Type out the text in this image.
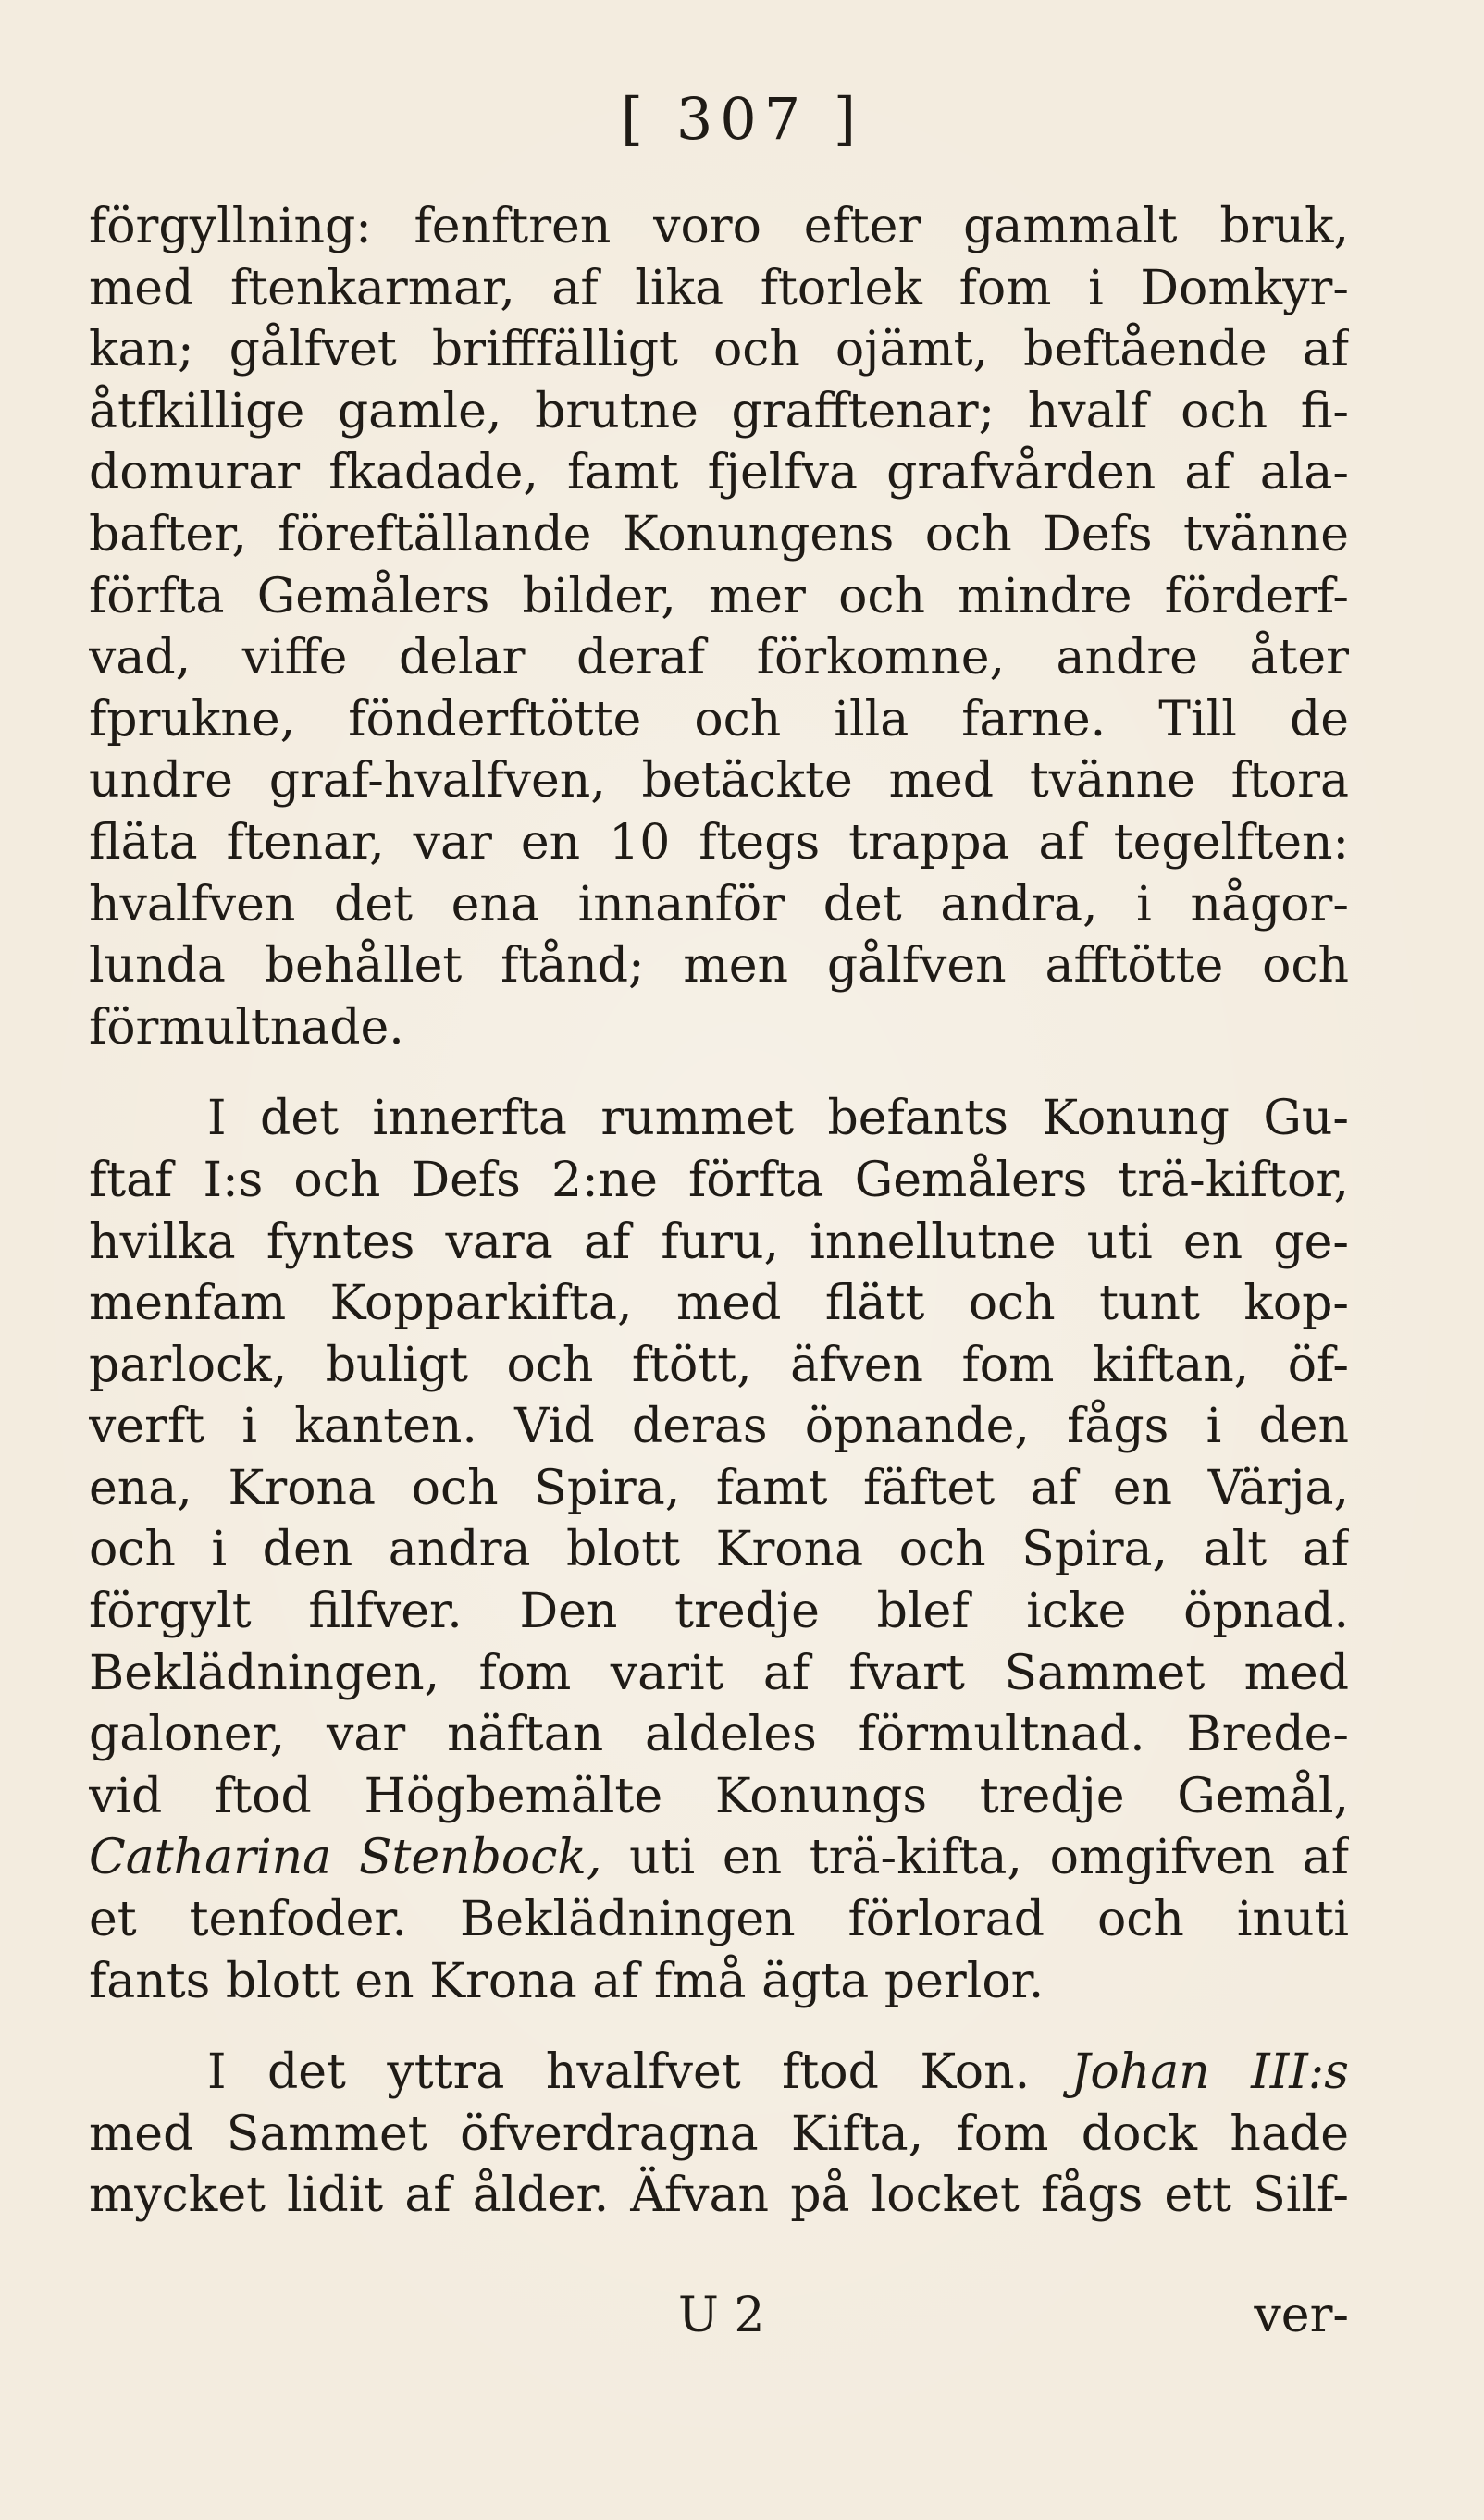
[ 307 ]
förgyllning: fenftren voro efter gammalt bruk,
med ftenkarmar, af lika ftorlek fom i Domkyr-
kan; gålfvet brifffälligt och ojämt, beftående af
åtfkillige gamle, brutne grafftenar; hvalf och fi-
domurar fkadade, famt fjelfva grafvården af ala-
bafter, föreftällande Konungens och Defs tvänne
förfta Gemålers bilder, mer och mindre förderf-
vad, viffe delar deraf förkomne, andre åter
fprukne, fönderftötte och illa farne. Till de
undre graf-hvalfven, betäckte med tvänne ftora
fläta ftenar, var en 10 ftegs trappa af tegelften:
hvalfven det ena innanför det andra, i någor-
lunda behållet ftånd; men gålfven afftötte och
förmultnade.
I det innerfta rummet befants Konung Gu-
ftaf I:s och Defs 2:ne förfta Gemålers trä-kiftor,
hvilka fyntes vara af furu, innellutne uti en ge-
menfam Kopparkifta, med flätt och tunt kop-
parlock, buligt och ftött, äfven fom kiftan, öf-
verft i kanten. Vid deras öpnande, fågs i den
ena, Krona och Spira, famt fäftet af en Värja,
och i den andra blott Krona och Spira, alt af
förgylt filfver. Den tredje blef icke öpnad.
Beklädningen, fom varit af fvart Sammet med
galoner, var näftan aldeles förmultnad. Brede-
vid ftod Högbemälte Konungs tredje Gemål,
Catharina Stenbock, uti en trä-kifta, omgifven af
et tenfoder. Beklädningen förlorad och inuti
fants blott en Krona af fmå ägta perlor.
I det yttra hvalfvet ftod Kon. Johan III:s
med Sammet öfverdragna Kifta, fom dock hade
mycket lidit af ålder. Äfvan på locket fågs ett Silf-
U 2	ver-
